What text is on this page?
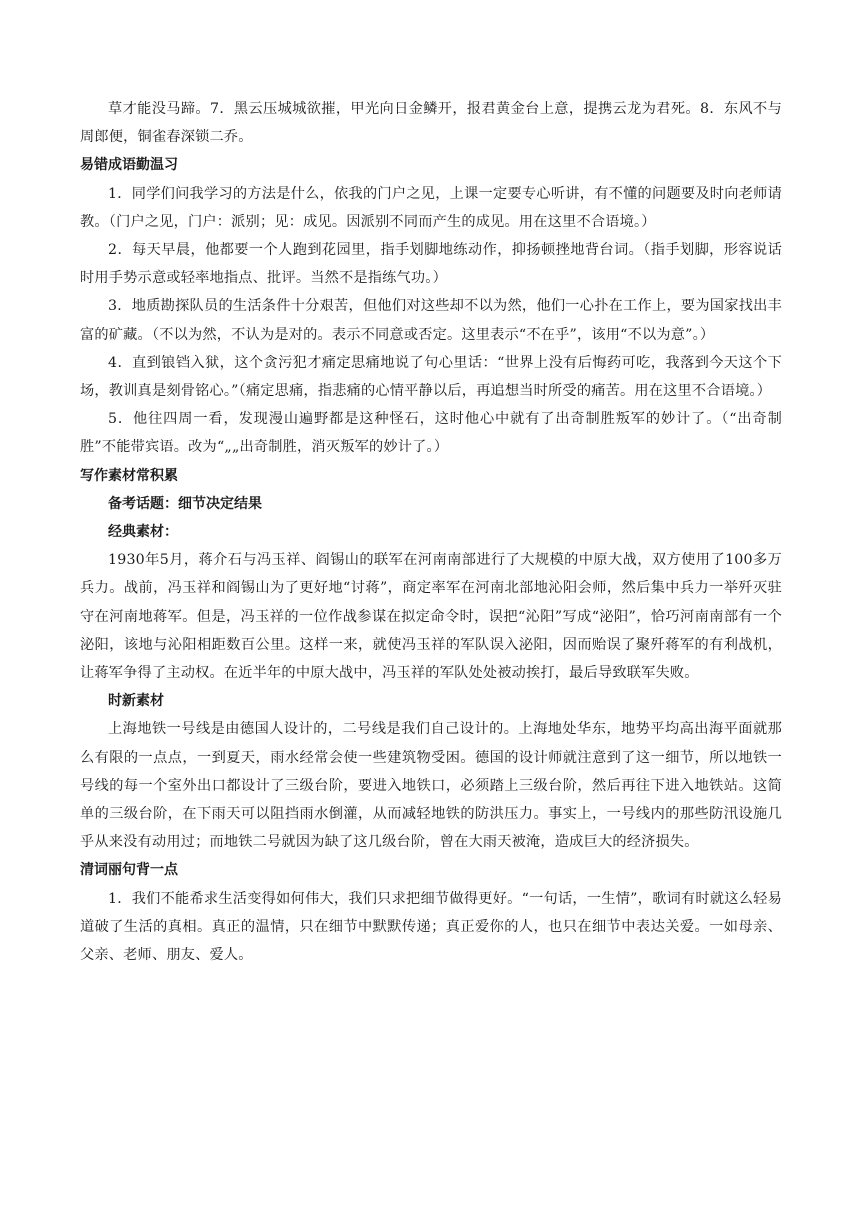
草才能没马蹄。7．黑云压城城欲摧，甲光向日金鳞开，报君黄金台上意，提携云龙为君死。8．东风不与周郎便，铜雀春深锁二乔。

易错成语勤温习

1．同学们问我学习的方法是什么，依我的门户之见，上课一定要专心听讲，有不懂的问题要及时向老师请教。（门户之见，门户：派别；见：成见。因派别不同而产生的成见。用在这里不合语境。）

2．每天早晨，他都要一个人跑到花园里，指手划脚地练动作，抑扬顿挫地背台词。（指手划脚，形容说话时用手势示意或轻率地指点、批评。当然不是指练气功。）

3．地质勘探队员的生活条件十分艰苦，但他们对这些却不以为然，他们一心扑在工作上，要为国家找出丰富的矿藏。（不以为然，不认为是对的。表示不同意或否定。这里表示“不在乎”，该用“不以为意”。）

4．直到锒铛入狱，这个贪污犯才痛定思痛地说了句心里话：“世界上没有后悔药可吃，我落到今天这个下场，教训真是刻骨铭心。”（痛定思痛，指悲痛的心情平静以后，再追想当时所受的痛苦。用在这里不合语境。）

5．他往四周一看，发现漫山遍野都是这种怪石，这时他心中就有了出奇制胜叛军的妙计了。（“出奇制胜”不能带宾语。改为“„„出奇制胜，消灭叛军的妙计了。）

写作素材常积累

备考话题：细节决定结果

经典素材：

1930年5月，蒋介石与冯玉祥、阎锡山的联军在河南南部进行了大规模的中原大战，双方使用了100多万兵力。战前，冯玉祥和阎锡山为了更好地“讨蒋”，商定率军在河南北部地沁阳会师，然后集中兵力一举歼灭驻守在河南地蒋军。但是，冯玉祥的一位作战参谋在拟定命令时，误把“沁阳”写成“泌阳”，恰巧河南南部有一个泌阳，该地与沁阳相距数百公里。这样一来，就使冯玉祥的军队误入泌阳，因而贻误了聚歼蒋军的有利战机，让蒋军争得了主动权。在近半年的中原大战中，冯玉祥的军队处处被动挨打，最后导致联军失败。

时新素材

上海地铁一号线是由德国人设计的，二号线是我们自己设计的。上海地处华东，地势平均高出海平面就那么有限的一点点，一到夏天，雨水经常会使一些建筑物受困。德国的设计师就注意到了这一细节，所以地铁一号线的每一个室外出口都设计了三级台阶，要进入地铁口，必须踏上三级台阶，然后再往下进入地铁站。这简单的三级台阶，在下雨天可以阻挡雨水倒灌，从而减轻地铁的防洪压力。事实上，一号线内的那些防汛设施几乎从来没有动用过；而地铁二号就因为缺了这几级台阶，曾在大雨天被淹，造成巨大的经济损失。

清词丽句背一点

1．我们不能希求生活变得如何伟大，我们只求把细节做得更好。“一句话，一生情”，歌词有时就这么轻易道破了生活的真相。真正的温情，只在细节中默默传递；真正爱你的人，也只在细节中表达关爱。一如母亲、父亲、老师、朋友、爱人。
